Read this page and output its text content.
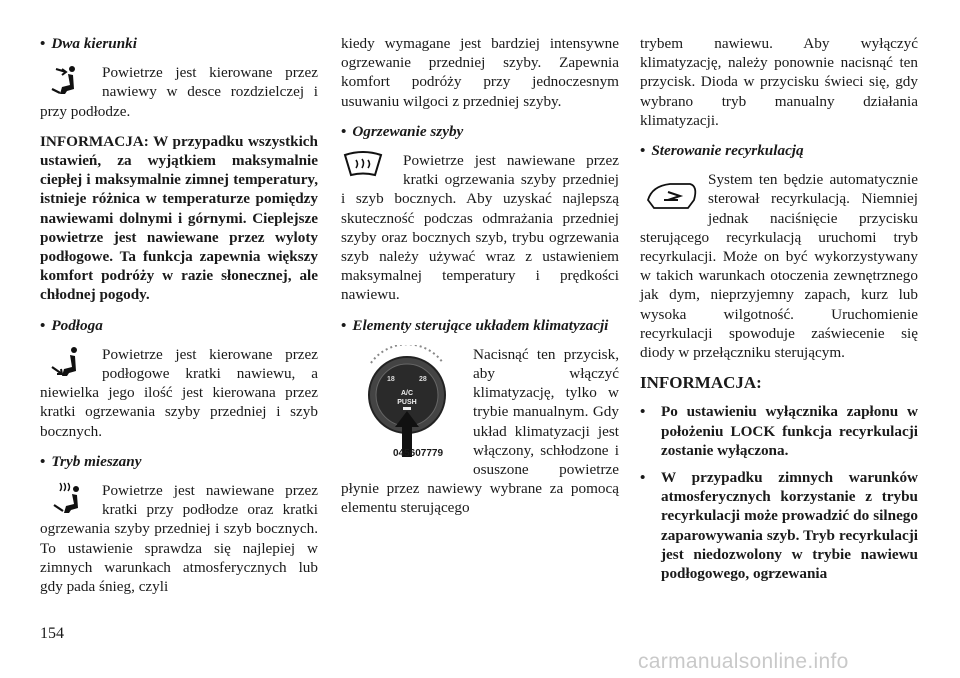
• Dwa kierunki

Powietrze jest kierowane przez nawiewy w desce rozdzielczej i przy podłodze.

INFORMACJA: W przypadku wszystkich ustawień, za wyjątkiem maksymalnie ciepłej i maksymalnie zimnej temperatury, istnieje różnica w temperaturze pomiędzy nawiewami dolnymi i górnymi. Cieplejsze powietrze jest nawiewane przez wyloty podłogowe. Ta funkcja zapewnia większy komfort podróży w razie słonecznej, ale chłodnej pogody.

• Podłoga

Powietrze jest kierowane przez podłogowe kratki nawiewu, a niewielka jego ilość jest kierowana przez kratki ogrzewania szyby przedniej i szyb bocznych.

• Tryb mieszany

Powietrze jest nawiewane przez kratki przy podłodze oraz kratki ogrzewania szyby przedniej i szyb bocznych. To ustawienie sprawdza się najlepiej w zimnych warunkach atmosferycznych lub gdy pada śnieg, czyli

kiedy wymagane jest bardziej intensywne ogrzewanie przedniej szyby. Zapewnia komfort podróży przy jednoczesnym usuwaniu wilgoci z przedniej szyby.

• Ogrzewanie szyby

Powietrze jest nawiewane przez kratki ogrzewania szyby przedniej i szyb bocznych. Aby uzyskać najlepszą skuteczność podczas odmrażania przedniej szyby oraz bocznych szyb, trybu ogrzewania szyb należy używać wraz z ustawieniem maksymalnej temperatury i prędkości nawiewu.

• Elementy sterujące układem klimatyzacji

18	28
A/C
PUSH
045607779

Nacisnąć ten przycisk, aby włączyć klimatyzację, tylko w trybie manualnym. Gdy układ klimatyzacji jest włączony, schłodzone i osuszone powietrze płynie przez nawiewy wybrane za pomocą elementu sterującego

trybem nawiewu. Aby wyłączyć klimatyzację, należy ponownie nacisnąć ten przycisk. Dioda w przycisku świeci się, gdy wybrano tryb manualny działania klimatyzacji.

• Sterowanie recyrkulacją

System ten będzie automatycznie sterował recyrkulacją. Niemniej jednak naciśnięcie przycisku sterującego recyrkulacją uruchomi tryb recyrkulacji. Może on być wykorzystywany w takich warunkach otoczenia zewnętrznego jak dym, nieprzyjemny zapach, kurz lub wysoka wilgotność. Uruchomienie recyrkulacji spowoduje zaświecenie się diody w przełączniku sterującym.

INFORMACJA:

• Po ustawieniu wyłącznika zapłonu w położeniu LOCK funkcja recyrkulacji zostanie wyłączona.

• W przypadku zimnych warunków atmosferycznych korzystanie z trybu recyrkulacji może prowadzić do silnego zaparowywania szyb. Tryb recyrkulacji jest niedozwolony w trybie nawiewu podłogowego, ogrzewania

154
carmanualsonline.info
